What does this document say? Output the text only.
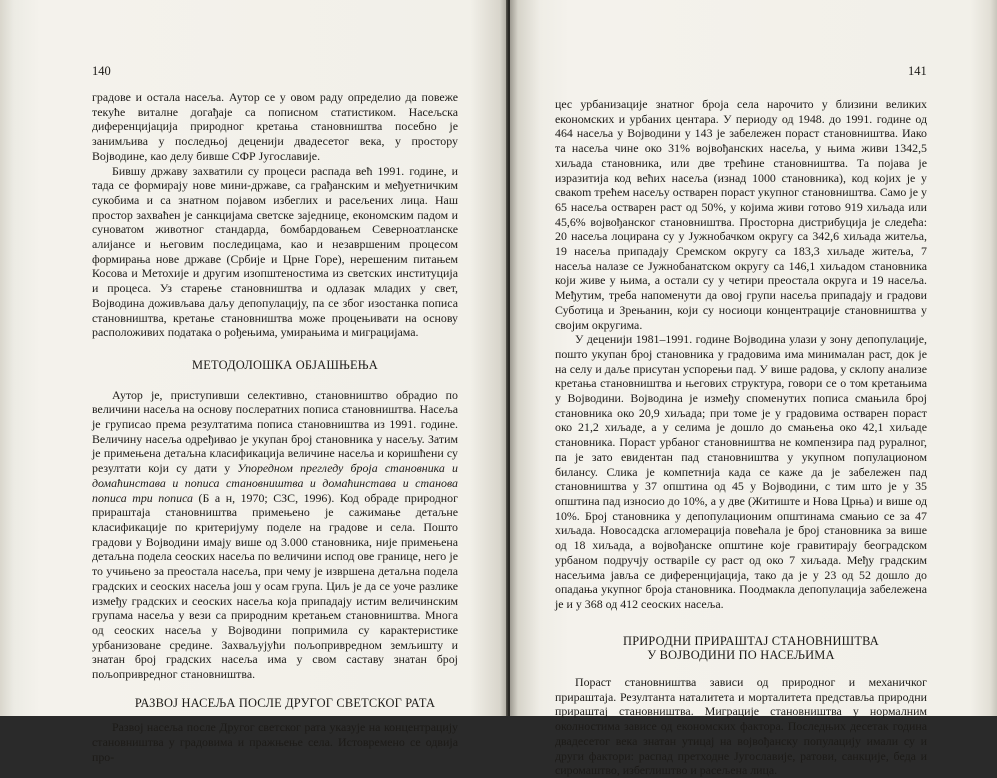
140

градове и остала насеља. Аутор се у овом раду определио да повеже текуће виталне догађаје са пописном статистиком. Насељска диференцијација природног кретања становништва посебно је занимљива у последњој деценији двадесетог века, у простору Војводине, као делу бивше СФР Југославије.

Бившу државу захватили су процеси распада већ 1991. године, и тада се формирају нове мини-државе, са грађанским и међуетничким сукобима и са знатном појавом избеглих и расељених лица. Наш простор захваћен је санкцијама светске заједнице, економским падом и суноватом животног стандарда, бомбардовањем Северноатланске алијансе и његовим последицама, као и незавршеним процесом формирања нове државе (Србије и Црне Горе), нерешеним питањем Косова и Метохије и другим изопштеностима из светских институција и процеса. Уз старење становништва и одлазак младих у свет, Војводина доживљава даљу депопулацију, па се због изостанка пописа становништва, кретање становништва може процењивати на основу расположивих података о рођењима, умирањима и миграцијама.

МЕТОДОЛОШКА ОБЈАШЊЕЊА

Аутор је, приступивши селективно, становништво обрадио по величини насеља на основу послератних пописа становништва. Насеља је груписао према резултатима пописа становништва из 1991. године. Величину насеља одређивао је укупан број становника у насељу. Затим је примењена детаљна класификација величине насеља и коришћени су резултати који су дати у Упоредном прегледу броја становника и домаћинстава и пописа становништва и домаћинстава и станова пописа три пописа (Б а н, 1970; СЗС, 1996). Код обраде природног прираштаја становништва примењено је сажимање детаљне класификације по критеријуму поделе на градове и села. Пошто градови у Војводини имају више од 3.000 становника, није примењена детаљна подела сеоских насеља по величини испод ове границе, него је то учињено за преостала насеља, при чему је извршена детаљна подела градских и сеоских насеља још у осам група. Циљ је да се уоче разлике између градских и сеоских насеља која припадају истим величинским групама насеља у вези са природним кретањем становништва. Многа од сеоских насеља у Војводини попримила су карактеристике урбанизоване средине. Захваљујући пољопривредном земљишту и знатан број градских насеља има у свом саставу знатан број пољопривредног становништва.

РАЗВОЈ НАСЕЉА ПОСЛЕ ДРУГОГ СВЕТСКОГ РАТА

Развој насеља после Другог светског рата указује на концентрацију становништва у градовима и пражњење села. Истовремено се одвија про-

141

цес урбанизације знатног броја села нарочито у близини великих економских и урбаних центара. У периоду од 1948. до 1991. године од 464 насеља у Војводини у 143 је забележен пораст становништва. Иако та насеља чине око 31% војвођанских насеља, у њима живи 1342,5 хиљада становника, или две трећине становништва. Та појава је изразитија код већих насеља (изнад 1000 становника), код којих је у свакоm трећем насељу остварен пораст укупног становништва. Само је у 65 насеља остварен раст од 50%, у којима живи готово 919 хиљада или 45,6% војвођанског становништва. Просторна дистрибуција је следећа: 20 насеља лоцирана су у Јужнобачком округу са 342,6 хиљада житеља, 19 насеља припадају Сремском округу са 183,3 хиљаде житеља, 7 насеља налазе се Јужнобанатском округу са 146,1 хиљадом становника који живе у њима, а остали су у четири преостала округа и 19 насеља. Међутим, треба напоменути да овој групи насеља припадају и градови Суботица и Зрењанин, који су носиоци концентрације становништва у својим округима.

У деценији 1981–1991. године Војводина улази у зону депопулације, пошто укупан број становника у градовима има минималан раст, док је на селу и даље присутан успорењи пад. У више радова, у склопу анализе кретања становништва и његових структура, говори се о том кретањима у Војводини. Војводина је између споменутих пописа смањила број становника око 20,9 хиљада; при томе је у градовима остварен пораст око 21,2 хиљаде, а у селима је дошло до смањења око 42,1 хиљаде становника. Пораст урбаног становништва не компензира пад руралног, па је зато евидентан пад становништва у укупном популационом билансу. Слика је компетнија када се каже да је забележен пад становништва у 37 општина од 45 у Војводини, с тим што је у 35 општина пад износио до 10%, а у две (Житиште и Нова Црња) и више од 10%. Број становника у депопулационим општинама смањио се за 47 хиљада. Новосадска агломерација повећала је број становника за више од 18 хиљада, а војвођанске општине које гравитирају београдском урбаном подручју остварile су раст од око 7 хиљада. Међу градским насељима јавља се диференцијација, тако да је у 23 од 52 дошло до опадања укупног броја становника. Поодмакла депопулација забележена је и у 368 од 412 сеоских насеља.

ПРИРОДНИ ПРИРАШТАЈ СТАНОВНИШТВА
У ВОЈВОДИНИ ПО НАСЕЉИМА

Пораст становништва зависи од природног и механичког прираштаја. Резултанта наталитета и морталитета представља природни прираштај становништва. Миграције становништва у нормалним околностима зависе од економских фактора. Последњих десетак година двадесетог века знатан утицај на војвођанску популацију имали су и други фактори: распад претходне Југославије, ратови, санкције, беда и сиромаштво, избеглиштво и расељена лица.
